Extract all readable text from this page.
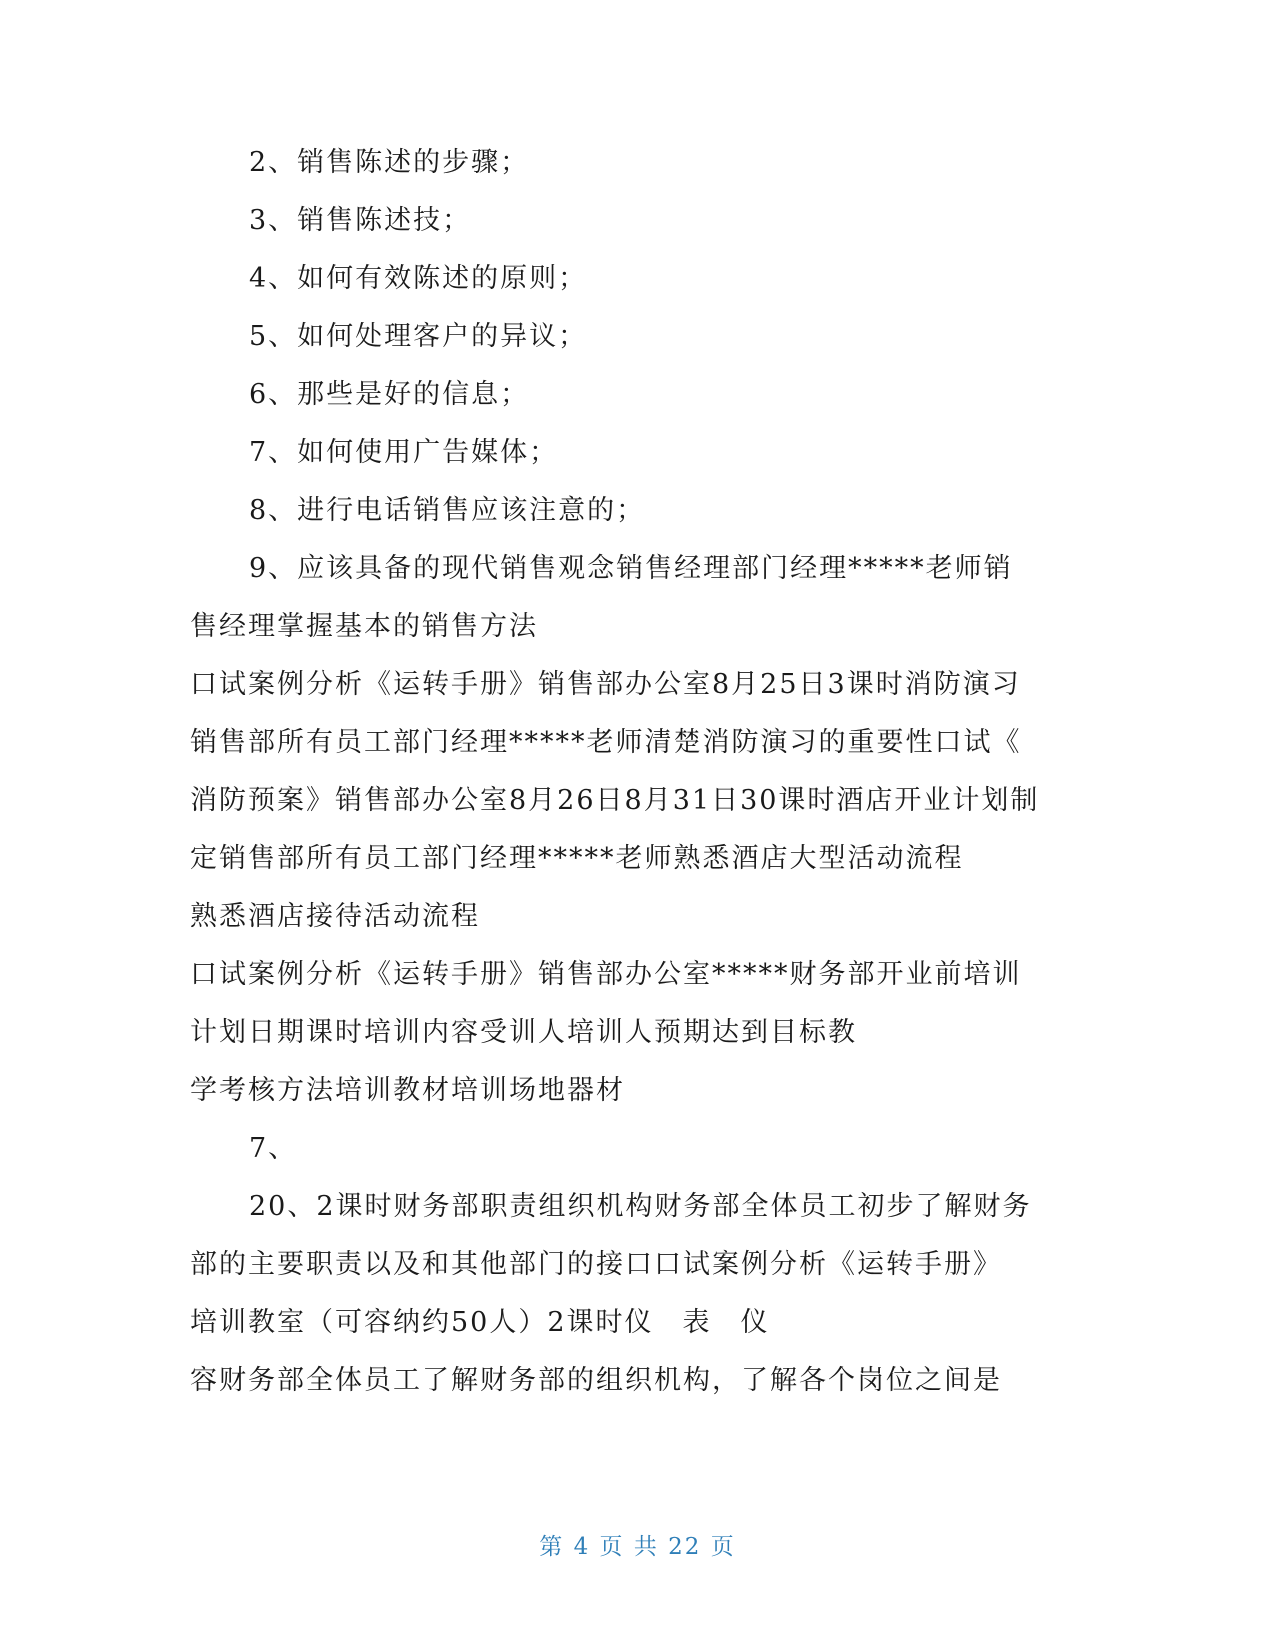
2、销售陈述的步骤；
3、销售陈述技；
4、如何有效陈述的原则；
5、如何处理客户的异议；
6、那些是好的信息；
7、如何使用广告媒体；
8、进行电话销售应该注意的；
9、应该具备的现代销售观念销售经理部门经理*****老师销
售经理掌握基本的销售方法
口试案例分析《运转手册》销售部办公室8月25日3课时消防演习
销售部所有员工部门经理*****老师清楚消防演习的重要性口试《
消防预案》销售部办公室8月26日8月31日30课时酒店开业计划制
定销售部所有员工部门经理*****老师熟悉酒店大型活动流程
熟悉酒店接待活动流程
口试案例分析《运转手册》销售部办公室*****财务部开业前培训
计划日期课时培训内容受训人培训人预期达到目标教
学考核方法培训教材培训场地器材
7、
20、2课时财务部职责组织机构财务部全体员工初步了解财务
部的主要职责以及和其他部门的接口口试案例分析《运转手册》
培训教室（可容纳约50人）2课时仪　表　仪
容财务部全体员工了解财务部的组织机构，了解各个岗位之间是
第 4 页 共 22 页
